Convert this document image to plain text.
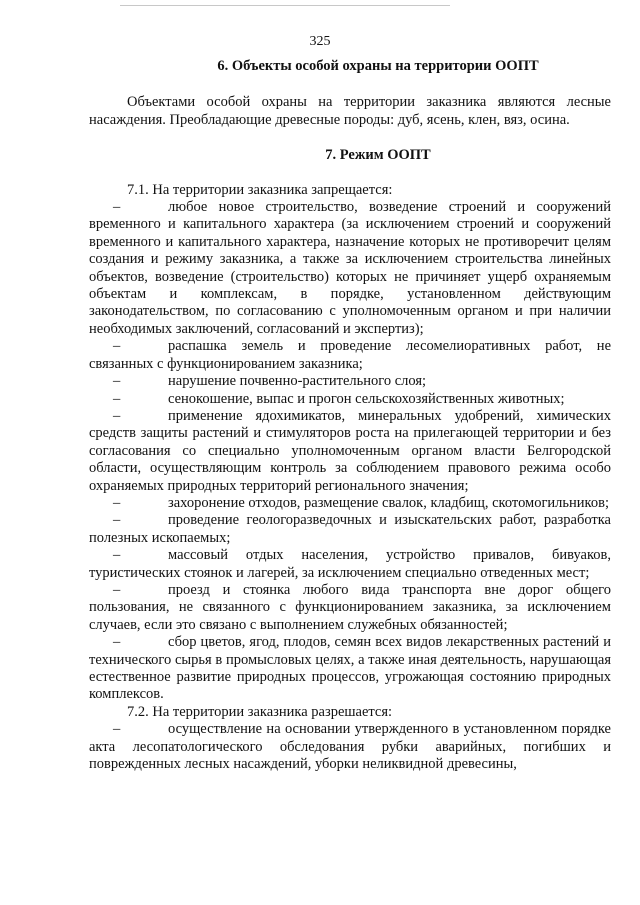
325
6. Объекты особой охраны на территории ООПТ

Объектами особой охраны на территории заказника являются лесные насаждения. Преобладающие древесные породы: дуб, ясень, клен, вяз, осина.

7. Режим ООПТ

7.1. На территории заказника запрещается:

–	любое новое строительство, возведение строений и сооружений временного и капитального характера (за исключением строений и сооружений временного и капитального характера, назначение которых не противоречит целям создания и режиму заказника, а также за исключением строительства линейных объектов, возведение (строительство) которых не причиняет ущерб охраняемым объектам и комплексам, в порядке, установленном действующим законодательством, по согласованию с уполномоченным органом и при наличии необходимых заключений, согласований и экспертиз);

–	распашка земель и проведение лесомелиоративных работ, не связанных с функционированием заказника;

–	нарушение почвенно-растительного слоя;

–	сенокошение, выпас и прогон сельскохозяйственных животных;

–	применение ядохимикатов, минеральных удобрений, химических средств защиты растений и стимуляторов роста на прилегающей территории и без согласования со специально уполномоченным органом власти Белгородской области, осуществляющим контроль за соблюдением правового режима особо охраняемых природных территорий регионального значения;

–	захоронение отходов, размещение свалок, кладбищ, скотомогильников;

–	проведение геологоразведочных и изыскательских работ, разработка полезных ископаемых;

–	массовый отдых населения, устройство привалов, бивуаков, туристических стоянок и лагерей, за исключением специально отведенных мест;

–	проезд и стоянка любого вида транспорта вне дорог общего пользования, не связанного с функционированием заказника, за исключением случаев, если это связано с выполнением служебных обязанностей;

–	сбор цветов, ягод, плодов, семян всех видов лекарственных растений и технического сырья в промысловых целях, а также иная деятельность, нарушающая естественное развитие природных процессов, угрожающая состоянию природных комплексов.

7.2. На территории заказника разрешается:

–	осуществление на основании утвержденного в установленном порядке акта лесопатологического обследования рубки аварийных, погибших и поврежденных лесных насаждений, уборки неликвидной древесины,
